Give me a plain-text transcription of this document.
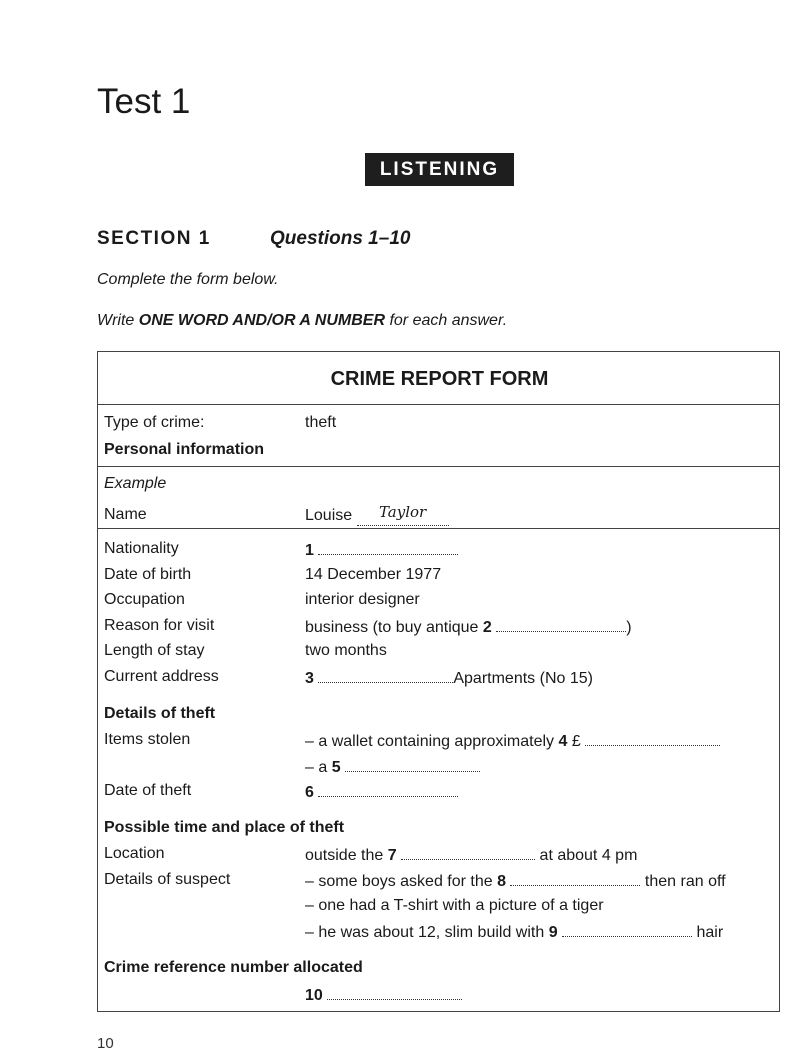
Test 1
LISTENING
SECTION 1	Questions 1–10
Complete the form below.
Write ONE WORD AND/OR A NUMBER for each answer.
CRIME REPORT FORM
Type of crime:	theft
Personal information
Example
Name	Louise Taylor
Nationality	1
Date of birth	14 December 1977
Occupation	interior designer
Reason for visit	business (to buy antique 2	)
Length of stay	two months
Current address	3	Apartments (No 15)
Details of theft
Items stolen	– a wallet containing approximately 4 £
– a 5
Date of theft	6
Possible time and place of theft
Location	outside the 7	at about 4 pm
Details of suspect	– some boys asked for the 8	then ran off
– one had a T-shirt with a picture of a tiger
– he was about 12, slim build with 9	hair
Crime reference number allocated
10
10
